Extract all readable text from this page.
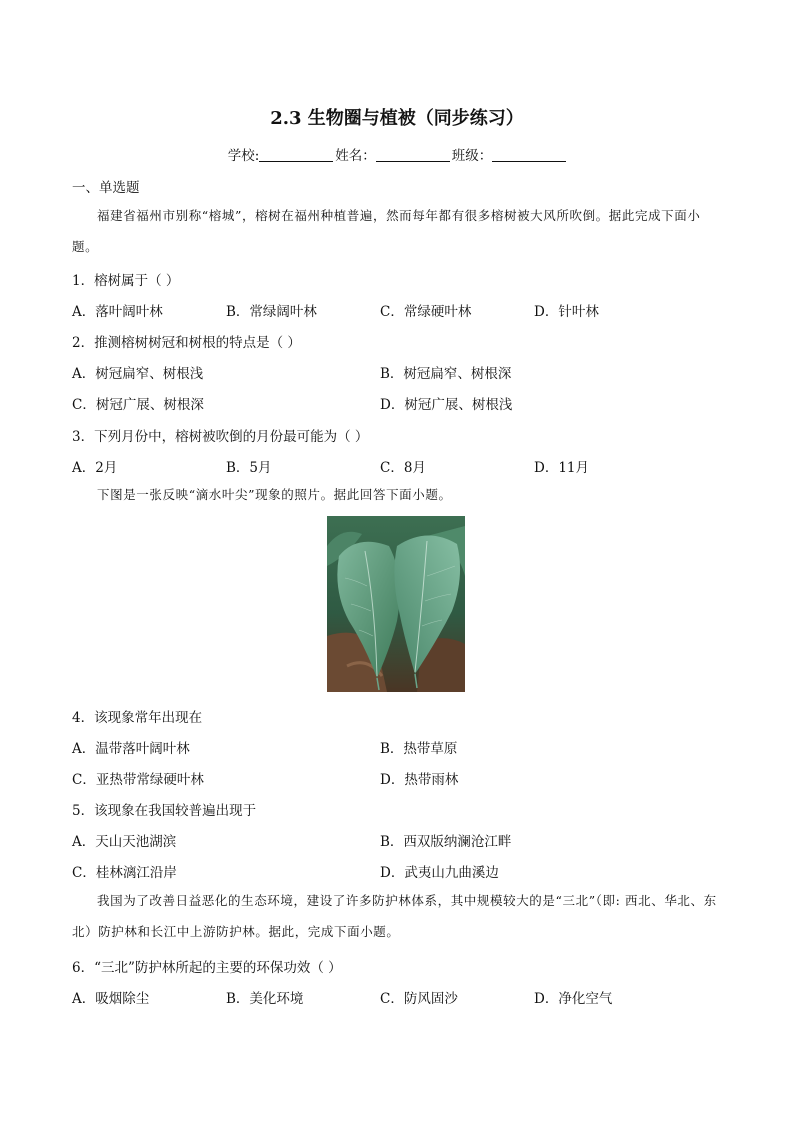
2.3 生物圈与植被（同步练习）
学校:	姓名：	班级：
一、单选题
福建省福州市别称“榕城”，榕树在福州种植普遍，然而每年都有很多榕树被大风所吹倒。据此完成下面小题。
1．榕树属于（ ）
A．落叶阔叶林	B．常绿阔叶林	C．常绿硬叶林	D．针叶林
2．推测榕树树冠和树根的特点是（ ）
A．树冠扁窄、树根浅	B．树冠扁窄、树根深
C．树冠广展、树根深	D．树冠广展、树根浅
3．下列月份中，榕树被吹倒的月份最可能为（ ）
A．2月	B．5月	C．8月	D．11月
下图是一张反映“滴水叶尖”现象的照片。据此回答下面小题。
4．该现象常年出现在
A．温带落叶阔叶林	B．热带草原
C．亚热带常绿硬叶林	D．热带雨林
5．该现象在我国较普遍出现于
A．天山天池湖滨	B．西双版纳澜沧江畔
C．桂林漓江沿岸	D．武夷山九曲溪边
我国为了改善日益恶化的生态环境，建设了许多防护林体系，其中规模较大的是“三北”（即: 西北、华北、东北）防护林和长江中上游防护林。据此，完成下面小题。
6．“三北”防护林所起的主要的环保功效（ ）
A．吸烟除尘	B．美化环境	C．防风固沙	D．净化空气
